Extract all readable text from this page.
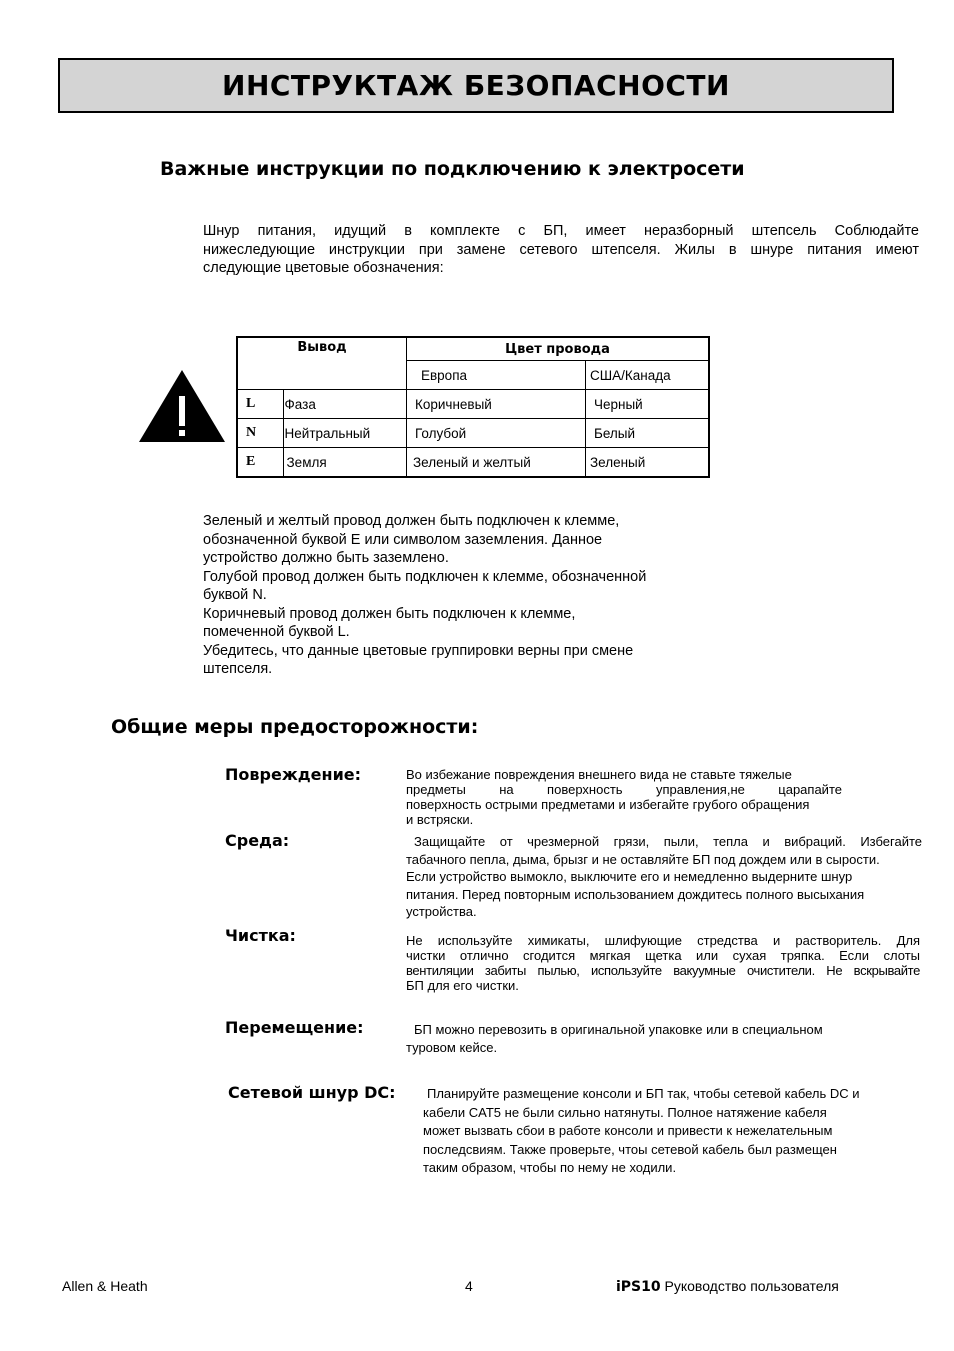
ИНСТРУКТАЖ БЕЗОПАСНОСТИ
Важные инструкции по подключению к электросети
Шнур питания, идущий в комплекте с БП, имеет неразборный штепсель Соблюдайте
нижеследующие инструкции при замене сетевого штепселя. Жилы в шнуре питания имеют
следующие цветовые обозначения:
Вывод		Цвет провода	
		Европа	США/Канада
L	Фаза	Коричневый	Черный
N	Нейтральный	Голубой	Белый
E	Земля	Зеленый и желтый	Зеленый
Зеленый и желтый провод должен быть подключен к клемме,
обозначенной буквой E или символом заземления. Данное
устройство должно быть заземлено.
Голубой провод должен быть подключен к клемме, обозначенной
буквой N.
Коричневый провод должен быть подключен к клемме,
помеченной буквой L.
Убедитесь, что данные цветовые группировки верны при смене
штепселя.
Общие меры предосторожности:
Повреждение:	Во избежание повреждения внешнего вида не ставьте тяжелые
предметы на поверхность управления,не царапайте
поверхность острыми предметами и избегайте грубого обращения
и встряски.
Среда:	Защищайте от чрезмерной грязи, пыли, тепла и вибраций. Избегайте
табачного пепла, дыма, брызг и не оставляйте БП под дождем или в сырости.
Если устройство вымокло, выключите его и немедленно выдерните шнур
питания. Перед повторным использованием дождитесь полного высыхания
устройства.
Чистка:	Не используйте химикаты, шлифующие стредства и растворитель. Для
чистки отлично сгодится мягкая щетка или сухая тряпка. Если слоты
вентиляции забиты пылью, используйте вакуумные очистители. Не вскрывайте
БП для его чистки.
Перемещение:	БП можно перевозить в оригинальной упаковке или в специальном
туровом кейсе.
Сетевой шнур DC:	Планируйте размещение консоли и БП так, чтобы сетевой кабель DC и
кабели CAT5 не были сильно натянуты. Полное натяжение кабеля
может вызвать сбои в работе консоли и привести к нежелательным
последсвиям. Также проверьте, чтоы сетевой кабель был размещен
таким образом, чтобы по нему не ходили.
Allen & Heath	4	iPS10 Руководство пользователя
